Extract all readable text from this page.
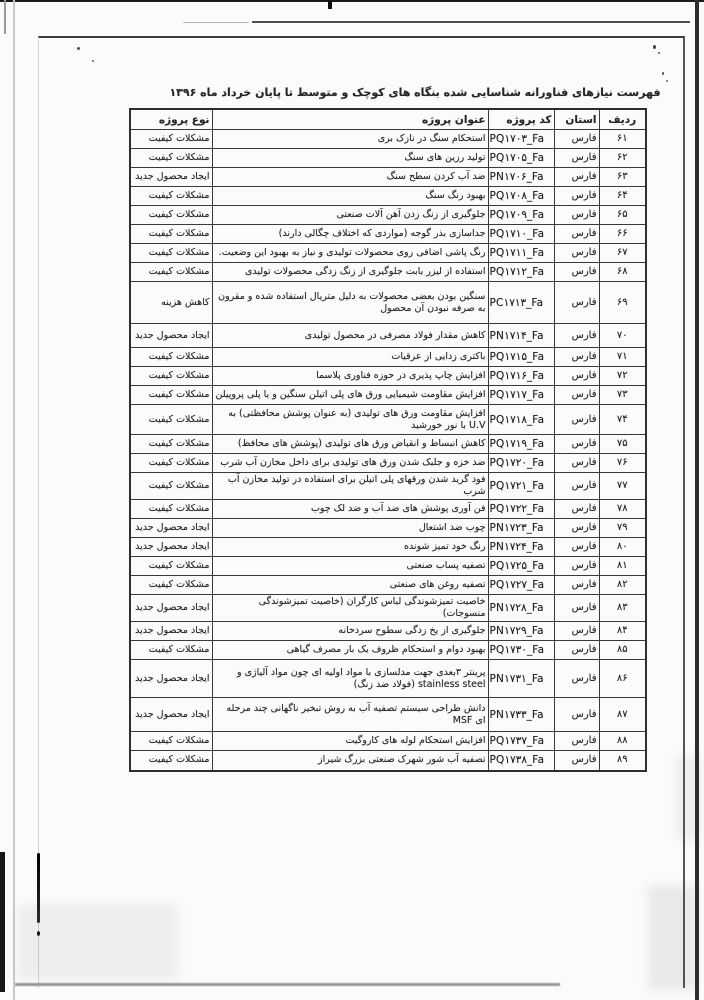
فهرست نیازهای فناورانه شناسایی شده بنگاه های کوچک و متوسط تا پایان خرداد ماه ۱۳۹۶
ردیف	استان	کد پروژه	عنوان پروژه	نوع پروژه
۶۱	فارس	PQ۱۷۰۳_Fa	استحکام سنگ در نازک بری	مشکلات کیفیت
۶۲	فارس	PQ۱۷۰۵_Fa	تولید رزین های سنگ	مشکلات کیفیت
۶۳	فارس	PN۱۷۰۶_Fa	ضد آب کردن سطح سنگ	ایجاد محصول جدید
۶۴	فارس	PQ۱۷۰۸_Fa	بهبود رنگ سنگ	مشکلات کیفیت
۶۵	فارس	PQ۱۷۰۹_Fa	جلوگیری از زنگ زدن آهن آلات صنعتی	مشکلات کیفیت
۶۶	فارس	PQ۱۷۱۰_Fa	جداسازی بذر گوجه (مواردی که اختلاف چگالی دارند)	مشکلات کیفیت
۶۷	فارس	PQ۱۷۱۱_Fa	رنگ پاشی اضافی روی محصولات تولیدی و نیاز به بهبود این وضعیت.	مشکلات کیفیت
۶۸	فارس	PQ۱۷۱۲_Fa	استفاده از لیزر بابت جلوگیری از زنگ زدگی محصولات تولیدی	مشکلات کیفیت
۶۹	فارس	PC۱۷۱۳_Fa	سنگین بودن بعضی محصولات به دلیل متریال استفاده شده و مقرون به صرفه نبودن آن محصول	کاهش هزینه
۷۰	فارس	PN۱۷۱۴_Fa	کاهش مقدار فولاد مصرفی در محصول تولیدی	ایجاد محصول جدید
۷۱	فارس	PQ۱۷۱۵_Fa	باکتری زدایی از عرقیات	مشکلات کیفیت
۷۲	فارس	PQ۱۷۱۶_Fa	افزایش چاپ پذیری در حوزه فناوری پلاسما	مشکلات کیفیت
۷۳	فارس	PQ۱۷۱۷_Fa	افزایش مقاومت شیمیایی ورق های پلی اتیلن سنگین و یا پلی پروپیلن	مشکلات کیفیت
۷۴	فارس	PQ۱۷۱۸_Fa	افزایش مقاومت ورق های تولیدی (به عنوان پوشش محافظتی) به U.V با نور خورشید	مشکلات کیفیت
۷۵	فارس	PQ۱۷۱۹_Fa	کاهش انبساط و انقباض ورق های تولیدی (پوشش های محافظ)	مشکلات کیفیت
۷۶	فارس	PQ۱۷۲۰_Fa	ضد خزه و جلبک شدن ورق های تولیدی برای داخل مخازن آب شرب	مشکلات کیفیت
۷۷	فارس	PQ۱۷۲۱_Fa	فود گرید شدن ورقهای پلی اتیلن برای استفاده در تولید مخازن آب شرب	مشکلات کیفیت
۷۸	فارس	PQ۱۷۲۲_Fa	فن آوری پوشش های ضد آب و ضد لک چوب	مشکلات کیفیت
۷۹	فارس	PN۱۷۲۳_Fa	چوب ضد اشتعال	ایجاد محصول جدید
۸۰	فارس	PN۱۷۲۴_Fa	رنگ خود تمیز شونده	ایجاد محصول جدید
۸۱	فارس	PQ۱۷۲۵_Fa	تصفیه پساب صنعتی	مشکلات کیفیت
۸۲	فارس	PQ۱۷۲۷_Fa	تصفیه روغن های صنعتی	مشکلات کیفیت
۸۳	فارس	PN۱۷۲۸_Fa	خاصیت تمیزشوندگی لباس کارگران (خاصیت تمیزشوندگی منسوجات)	ایجاد محصول جدید
۸۴	فارس	PN۱۷۲۹_Fa	جلوگیری از یخ زدگی سطوح سردخانه	ایجاد محصول جدید
۸۵	فارس	PQ۱۷۳۰_Fa	بهبود دوام و استحکام ظروف یک بار مصرف گیاهی	مشکلات کیفیت
۸۶	فارس	PN۱۷۳۱_Fa	پرینتر ۳بعدی جهت مدلسازی با مواد اولیه ای چون مواد آلیاژی و stainless steel (فولاد ضد زنگ)	ایجاد محصول جدید
۸۷	فارس	PN۱۷۳۳_Fa	دانش طراحی سیستم تصفیه آب به روش تبخیر ناگهانی چند مرحله ای MSF	ایجاد محصول جدید
۸۸	فارس	PQ۱۷۳۷_Fa	افزایش استحکام لوله های کاروگیت	مشکلات کیفیت
۸۹	فارس	PQ۱۷۳۸_Fa	تصفیه آب شور شهرک صنعتی بزرگ شیراز	مشکلات کیفیت
